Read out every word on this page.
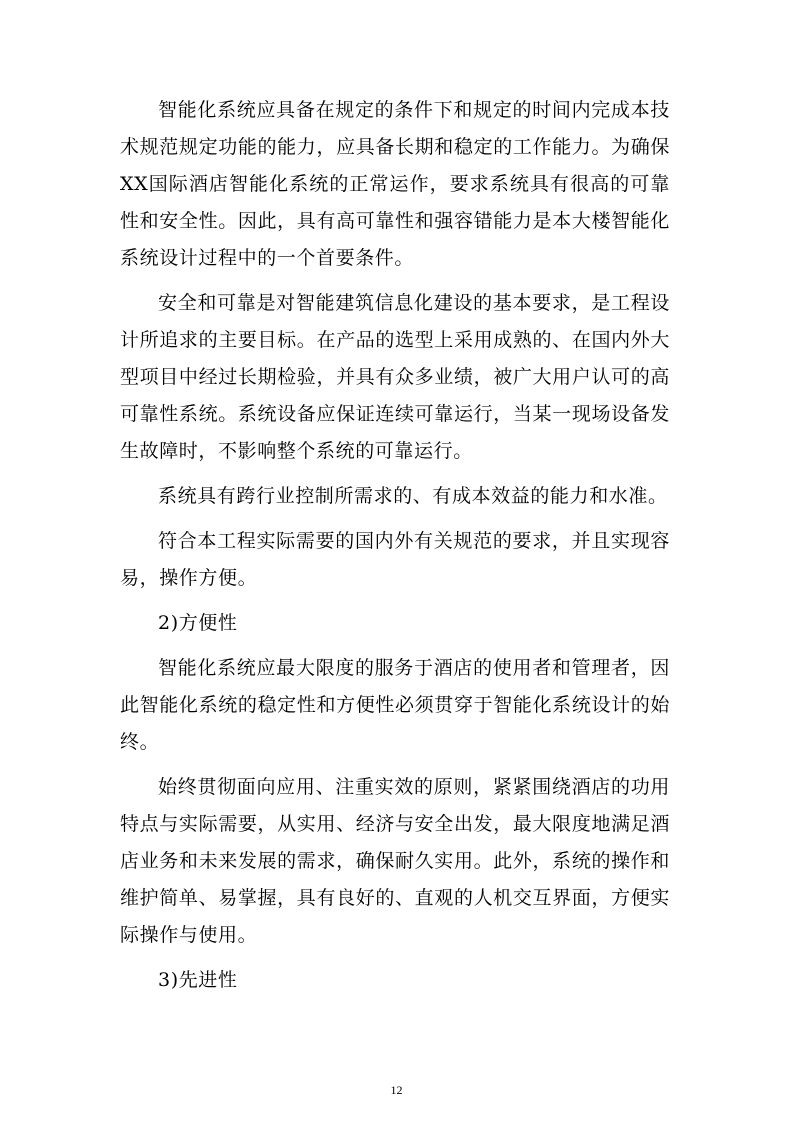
智能化系统应具备在规定的条件下和规定的时间内完成本技术规范规定功能的能力，应具备长期和稳定的工作能力。为确保XX国际酒店智能化系统的正常运作，要求系统具有很高的可靠性和安全性。因此，具有高可靠性和强容错能力是本大楼智能化系统设计过程中的一个首要条件。

安全和可靠是对智能建筑信息化建设的基本要求，是工程设计所追求的主要目标。在产品的选型上采用成熟的、在国内外大型项目中经过长期检验，并具有众多业绩，被广大用户认可的高可靠性系统。系统设备应保证连续可靠运行，当某一现场设备发生故障时，不影响整个系统的可靠运行。

系统具有跨行业控制所需求的、有成本效益的能力和水准。

符合本工程实际需要的国内外有关规范的要求，并且实现容易，操作方便。

2)方便性

智能化系统应最大限度的服务于酒店的使用者和管理者，因此智能化系统的稳定性和方便性必须贯穿于智能化系统设计的始终。

始终贯彻面向应用、注重实效的原则，紧紧围绕酒店的功用特点与实际需要，从实用、经济与安全出发，最大限度地满足酒店业务和未来发展的需求，确保耐久实用。此外，系统的操作和维护简单、易掌握，具有良好的、直观的人机交互界面，方便实际操作与使用。

3)先进性

12
